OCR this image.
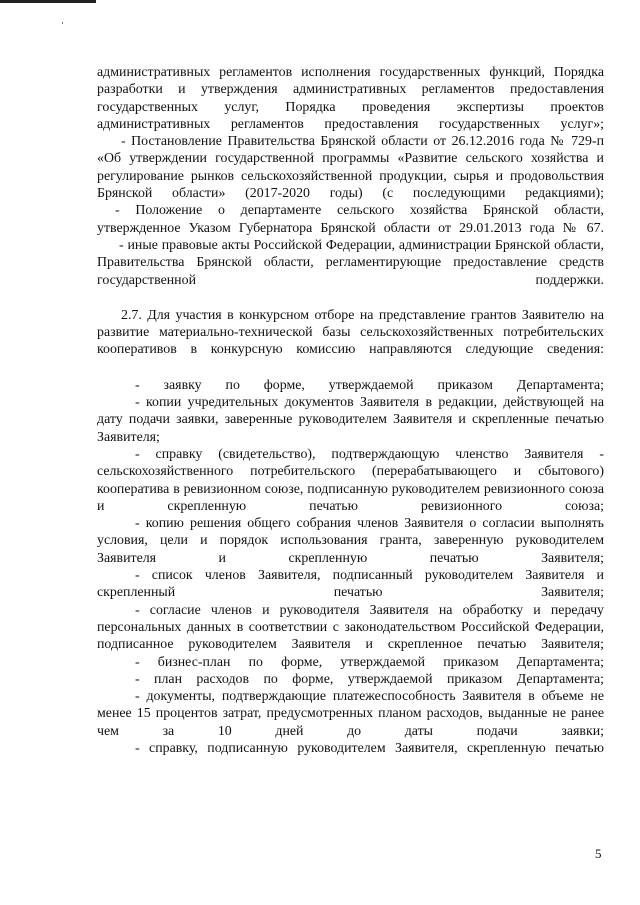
административных регламентов исполнения государственных функций, Порядка разработки и утверждения административных регламентов предоставления государственных услуг, Порядка проведения экспертизы проектов административных регламентов предоставления государственных услуг»;

- Постановление Правительства Брянской области от 26.12.2016 года № 729-п «Об утверждении государственной программы «Развитие сельского хозяйства и регулирование рынков сельскохозяйственной продукции, сырья и продовольствия Брянской области» (2017-2020 годы) (с последующими редакциями);

- Положение о департаменте сельского хозяйства Брянской области, утвержденное Указом Губернатора Брянской области от 29.01.2013 года № 67.

- иные правовые акты Российской Федерации, администрации Брянской области, Правительства Брянской области, регламентирующие предоставление средств государственной поддержки.

2.7. Для участия в конкурсном отборе на представление грантов Заявителю на развитие материально-технической базы сельскохозяйственных потребительских кооперативов в конкурсную комиссию направляются следующие сведения:

- заявку по форме, утверждаемой приказом Департамента;

- копии учредительных документов Заявителя в редакции, действующей на дату подачи заявки, заверенные руководителем Заявителя и скрепленные печатью Заявителя;

- справку (свидетельство), подтверждающую членство Заявителя - сельскохозяйственного потребительского (перерабатывающего и сбытового) кооператива в ревизионном союзе, подписанную руководителем ревизионного союза и скрепленную печатью ревизионного союза;

- копию решения общего собрания членов Заявителя о согласии выполнять условия, цели и порядок использования гранта, заверенную руководителем Заявителя и скрепленную печатью Заявителя;

- список членов Заявителя, подписанный руководителем Заявителя и скрепленный печатью Заявителя;

- согласие членов и руководителя Заявителя на обработку и передачу персональных данных в соответствии с законодательством Российской Федерации, подписанное руководителем Заявителя и скрепленное печатью Заявителя;

- бизнес-план по форме, утверждаемой приказом Департамента;

- план расходов по форме, утверждаемой приказом Департамента;

- документы, подтверждающие платежеспособность Заявителя в объеме не менее 15 процентов затрат, предусмотренных планом расходов, выданные не ранее чем за 10 дней до даты подачи заявки;

- справку, подписанную руководителем Заявителя, скрепленную печатью

5
